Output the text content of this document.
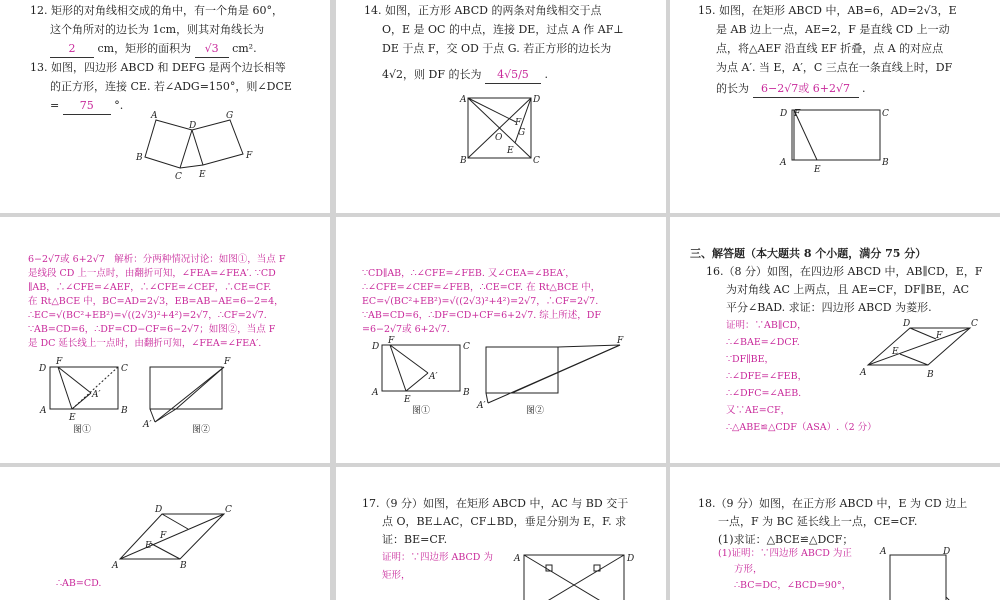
12. 矩形的对角线相交成的角中，有一个角是 60°，
这个角所对的边长为 1cm，则其对角线长为
2 cm，矩形的面积为 √3 cm².
13. 如图，四边形 ABCD 和 DEFG 是两个边长相等
的正方形，连接 CE. 若∠ADG=150°，则∠DCE
= 75 °.
A
D
G
B
C E
F
14. 如图，正方形 ABCD 的两条对角线相交于点
O，E 是 OC 的中点，连接 DE，过点 A 作 AF⊥
DE 于点 F，交 OD 于点 G. 若正方形的边长为
4√2，则 DF 的长为 4√5/5 .
A	D
F
G
O
E
B	C
15. 如图，在矩形 ABCD 中，AB=6，AD=2√3，E
是 AB 边上一点，AE=2，F 是直线 CD 上一动
点，将△AEF 沿直线 EF 折叠，点 A 的对应点
为点 A′. 当 E，A′，C 三点在一条直线上时，DF
的长为 6−2√7或 6+2√7 .
D F	C
A
E
B
6−2√7或 6+2√7　解析：分两种情况讨论：如图①，当点 F
是线段 CD 上一点时，由翻折可知，∠FEA=∠FEA′. ∵CD
∥AB，∴∠CFE=∠AEF，∴∠CFE=∠CEF，∴CE=CF.
在 Rt△BCE 中，BC=AD=2√3，EB=AB−AE=6−2=4，
∴EC=√(BC²+EB²)=√((2√3)²+4²)=2√7，∴CF=2√7.
∵AB=CD=6，∴DF=CD−CF=6−2√7；如图②，当点 F
是 DC 延长线上一点时，由翻折可知，∠FEA=∠FEA′.
D
F
C
A′
A
E
B
F
A′
图①	图②
∵CD∥AB，∴∠CFE=∠FEB. 又∠CEA=∠BEA′，
∴∠CFE=∠CEF=∠FEB，∴CE=CF. 在 Rt△BCE 中，
EC=√(BC²+EB²)=√((2√3)²+4²)=2√7，∴CF=2√7.
∵AB=CD=6，∴DF=CD+CF=6+2√7. 综上所述，DF
=6−2√7或 6+2√7.
D
F
C
A′
A
E
B
F
A′
图①	图②
三、解答题（本大题共 8 个小题，满分 75 分）
16.（8 分）如图，在四边形 ABCD 中，AB∥CD，E，F
为对角线 AC 上两点，且 AE=CF，DF∥BE，AC
平分∠BAD. 求证：四边形 ABCD 为菱形.
证明：∵AB∥CD，
∴∠BAE=∠DCF.
∵DF∥BE，
∴∠DFE=∠FEB，
∴∠DFC=∠AEB.
又∵AE=CF，
∴△ABE≌△CDF（ASA）.（2 分）
D	C
F
E
A	B
∴AB=CD.
D	C
F
E
A	B
17.（9 分）如图，在矩形 ABCD 中，AC 与 BD 交于
点 O，BE⊥AC，CF⊥BD，垂足分别为 E，F. 求
证：BE=CF.
证明：∵四边形 ABCD 为
矩形，
A	D
18.（9 分）如图，在正方形 ABCD 中，E 为 CD 边上
一点，F 为 BC 延长线上一点，CE=CF.
(1)求证：△BCE≌△DCF；
(1)证明：∵四边形 ABCD 为正
方形，
∴BC=DC，∠BCD=90°，
A	D
